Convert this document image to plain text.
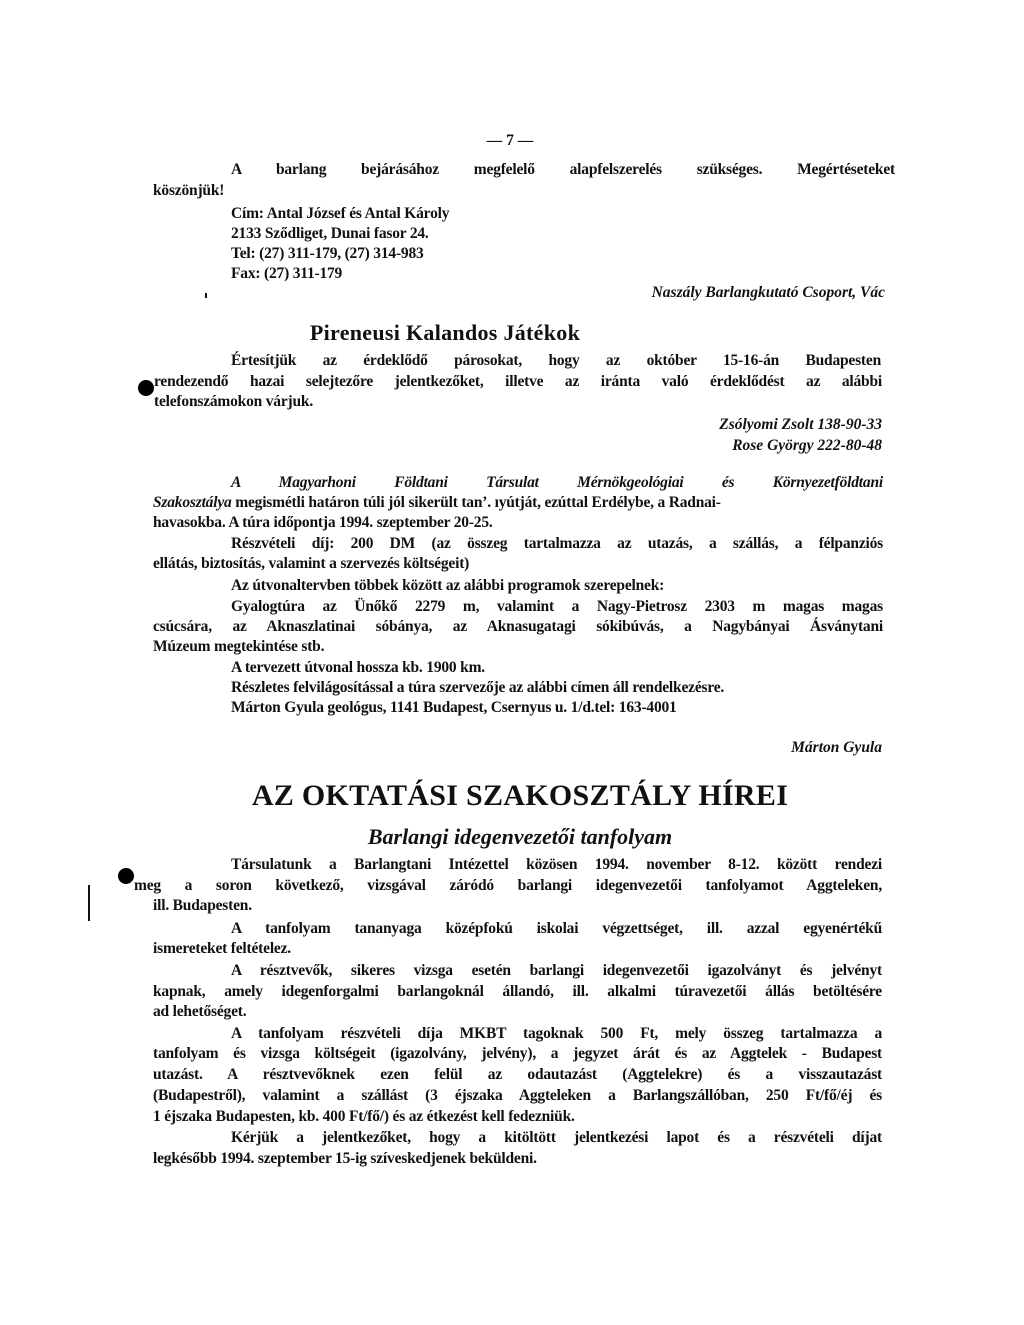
— 7 —
A barlang bejárásához megfelelő alapfelszerelés szükséges. Megértéseteket
köszönjük!
Cím: Antal József és Antal Károly
2133 Sződliget, Dunai fasor 24.
Tel: (27) 311-179, (27) 314-983
Fax: (27) 311-179
Naszály Barlangkutató Csoport, Vác
Pireneusi Kalandos Játékok
Értesítjük az érdeklődő párosokat, hogy az október 15-16-án Budapesten
rendezendő hazai selejtezőre jelentkezőket, illetve az iránta való érdeklődést az alábbi
telefonszámokon várjuk.
Zsólyomi Zsolt 138-90-33
Rose György 222-80-48
A Magyarhoni Földtani Társulat Mérnökgeológiai és Környezetföldtani
Szakosztálya megismétli határon túli jól sikerült tan’. ıyútját, ezúttal Erdélybe, a Radnai-
havasokba. A túra időpontja 1994. szeptember 20-25.
Részvételi díj: 200 DM (az összeg tartalmazza az utazás, a szállás, a félpanziós
ellátás, biztosítás, valamint a szervezés költségeit)
Az útvonaltervben többek között az alábbi programok szerepelnek:
Gyalogtúra az Ünőkő 2279 m, valamint a Nagy-Pietrosz 2303 m magas magas
csúcsára, az Aknaszlatinai sóbánya, az Aknasugatagi sókibúvás, a Nagybányai Ásványtani
Múzeum megtekintése stb.
A tervezett útvonal hossza kb. 1900 km.
Részletes felvilágosítással a túra szervezője az alábbi címen áll rendelkezésre.
Márton Gyula geológus, 1141 Budapest, Csernyus u. 1/d.tel: 163-4001
Márton Gyula
AZ OKTATÁSI SZAKOSZTÁLY HÍREI
Barlangi idegenvezetői tanfolyam
Társulatunk a Barlangtani Intézettel közösen 1994. november 8-12. között rendezi
meg a soron következő, vizsgával záródó barlangi idegenvezetői tanfolyamot Aggteleken,
ill. Budapesten.
A tanfolyam tananyaga középfokú iskolai végzettséget, ill. azzal egyenértékű
ismereteket feltételez.
A résztvevők, sikeres vizsga esetén barlangi idegenvezetői igazolványt és jelvényt
kapnak, amely idegenforgalmi barlangoknál állandó, ill. alkalmi túravezetői állás betöltésére
ad lehetőséget.
A tanfolyam részvételi díja MKBT tagoknak 500 Ft, mely összeg tartalmazza a
tanfolyam és vizsga költségeit (igazolvány, jelvény), a jegyzet árát és az Aggtelek - Budapest
utazást. A résztvevőknek ezen felül az odautazást (Aggtelekre) és a visszautazást
(Budapestről), valamint a szállást (3 éjszaka Aggteleken a Barlangszállóban, 250 Ft/fő/éj és
1 éjszaka Budapesten, kb. 400 Ft/fő/) és az étkezést kell fedezniük.
Kérjük a jelentkezőket, hogy a kitöltött jelentkezési lapot és a részvételi díjat
legkésőbb 1994. szeptember 15-ig szíveskedjenek beküldeni.
